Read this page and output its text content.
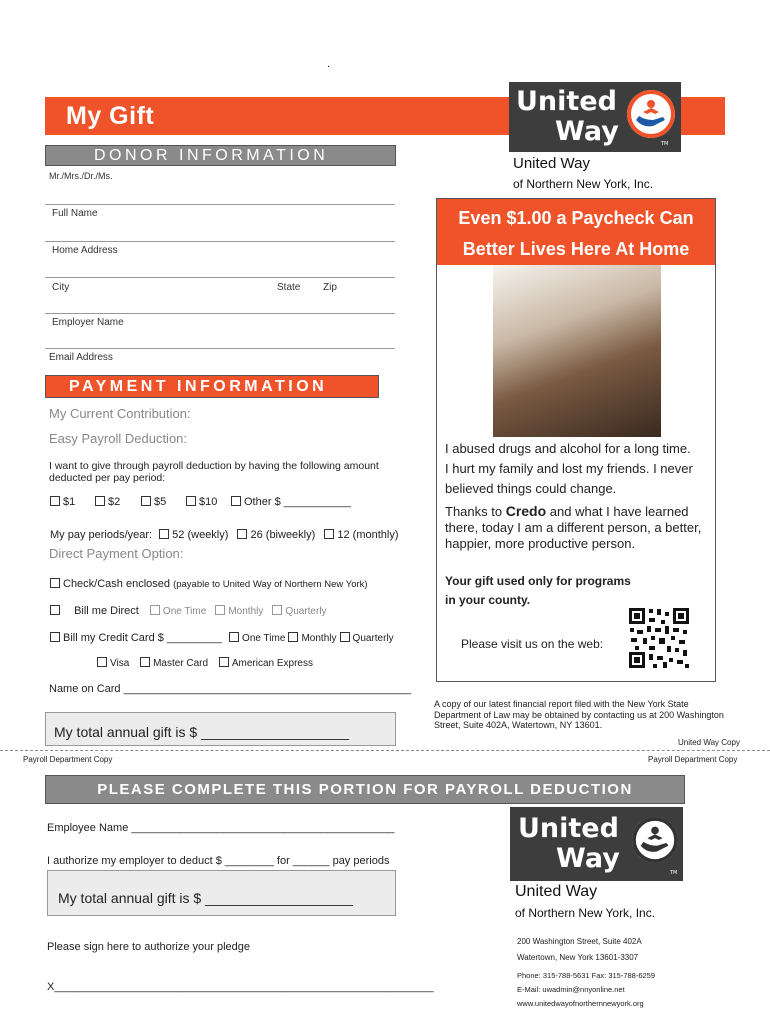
.
My Gift	United
Way	TM
United Way
of Northern New York, Inc.
DONOR INFORMATION
Mr./Mrs./Dr./Ms.
Full Name
Home Address
City	State Zip
Employer Name
Email Address
PAYMENT INFORMATION
My Current Contribution:
Easy Payroll Deduction:
I want to give through payroll deduction by having the following amount deducted per pay period:
$1	$2	$5	$10	Other $ ___________
My pay periods/year: 52 (weekly) 26 (biweekly) 12 (monthly)
Direct Payment Option:
Check/Cash enclosed (payable to United Way of Northern New York)
Bill me Direct One Time Monthly Quarterly
Bill my Credit Card $ _________ One Time Monthly Quarterly
Visa Master Card American Express
Name on Card _______________________________________________
My total annual gift is $ ___________________
Even $1.00 a Paycheck Can
Better Lives Here At Home
I abused drugs and alcohol for a long time.
I hurt my family and lost my friends. I never
believed things could change.
Thanks to Credo and what I have learned there, today I am a different person, a better, happier, more productive person.
Your gift used only for programs
in your county.
Please visit us on the web:
A copy of our latest financial report filed with the New York State Department of Law may be obtained by contacting us at 200 Washington Street, Suite 402A, Watertown, NY 13601.
United Way Copy
Payroll Department Copy	Payroll Department Copy
PLEASE COMPLETE THIS PORTION FOR PAYROLL DEDUCTION
Employee Name ___________________________________________
I authorize my employer to deduct $ ________ for ______ pay periods
My total annual gift is $ ___________________
Please sign here to authorize your pledge
X______________________________________________________________
United
Way	TM
United Way
of Northern New York, Inc.
200 Washington Street, Suite 402A
Watertown, New York 13601-3307
Phone: 315-788-5631 Fax: 315-788-6259
E-Mail: uwadmin@nnyonline.net
www.unitedwayofnorthernnewyork.org
